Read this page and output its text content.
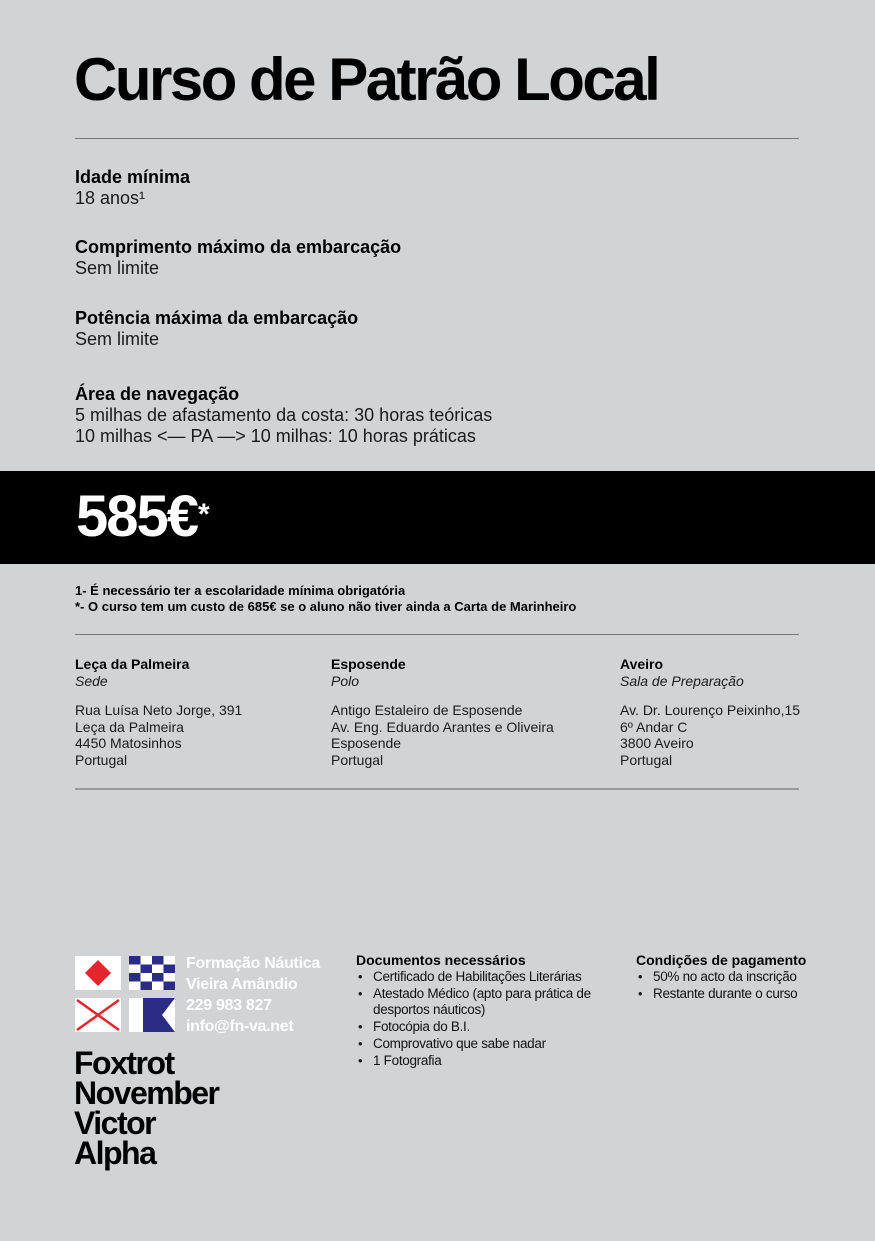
Curso de Patrão Local
Idade mínima
18 anos¹
Comprimento máximo da embarcação
Sem limite
Potência máxima da embarcação
Sem limite
Área de navegação
5 milhas de afastamento da costa: 30 horas teóricas
10 milhas <— PA —> 10 milhas: 10 horas práticas
585€*
1- É necessário ter a escolaridade mínima obrigatória
*- O curso tem um custo de 685€ se o aluno não tiver ainda a Carta de Marinheiro
Leça da Palmeira
Sede
Rua Luísa Neto Jorge, 391
Leça da Palmeira
4450 Matosinhos
Portugal
Esposende
Polo
Antigo Estaleiro de Esposende
Av. Eng. Eduardo Arantes e Oliveira
Esposende
Portugal
Aveiro
Sala de Preparação
Av. Dr. Lourenço Peixinho,15
6º Andar C
3800 Aveiro
Portugal
Formação Náutica
Vieira Amândio
229 983 827
info@fn-va.net
Foxtrot
November
Victor
Alpha
Documentos necessários
• Certificado de Habilitações Literárias
• Atestado Médico (apto para prática de desportos náuticos)
• Fotocópia do B.I.
• Comprovativo que sabe nadar
• 1 Fotografia
Condições de pagamento
• 50% no acto da inscrição
• Restante durante o curso
